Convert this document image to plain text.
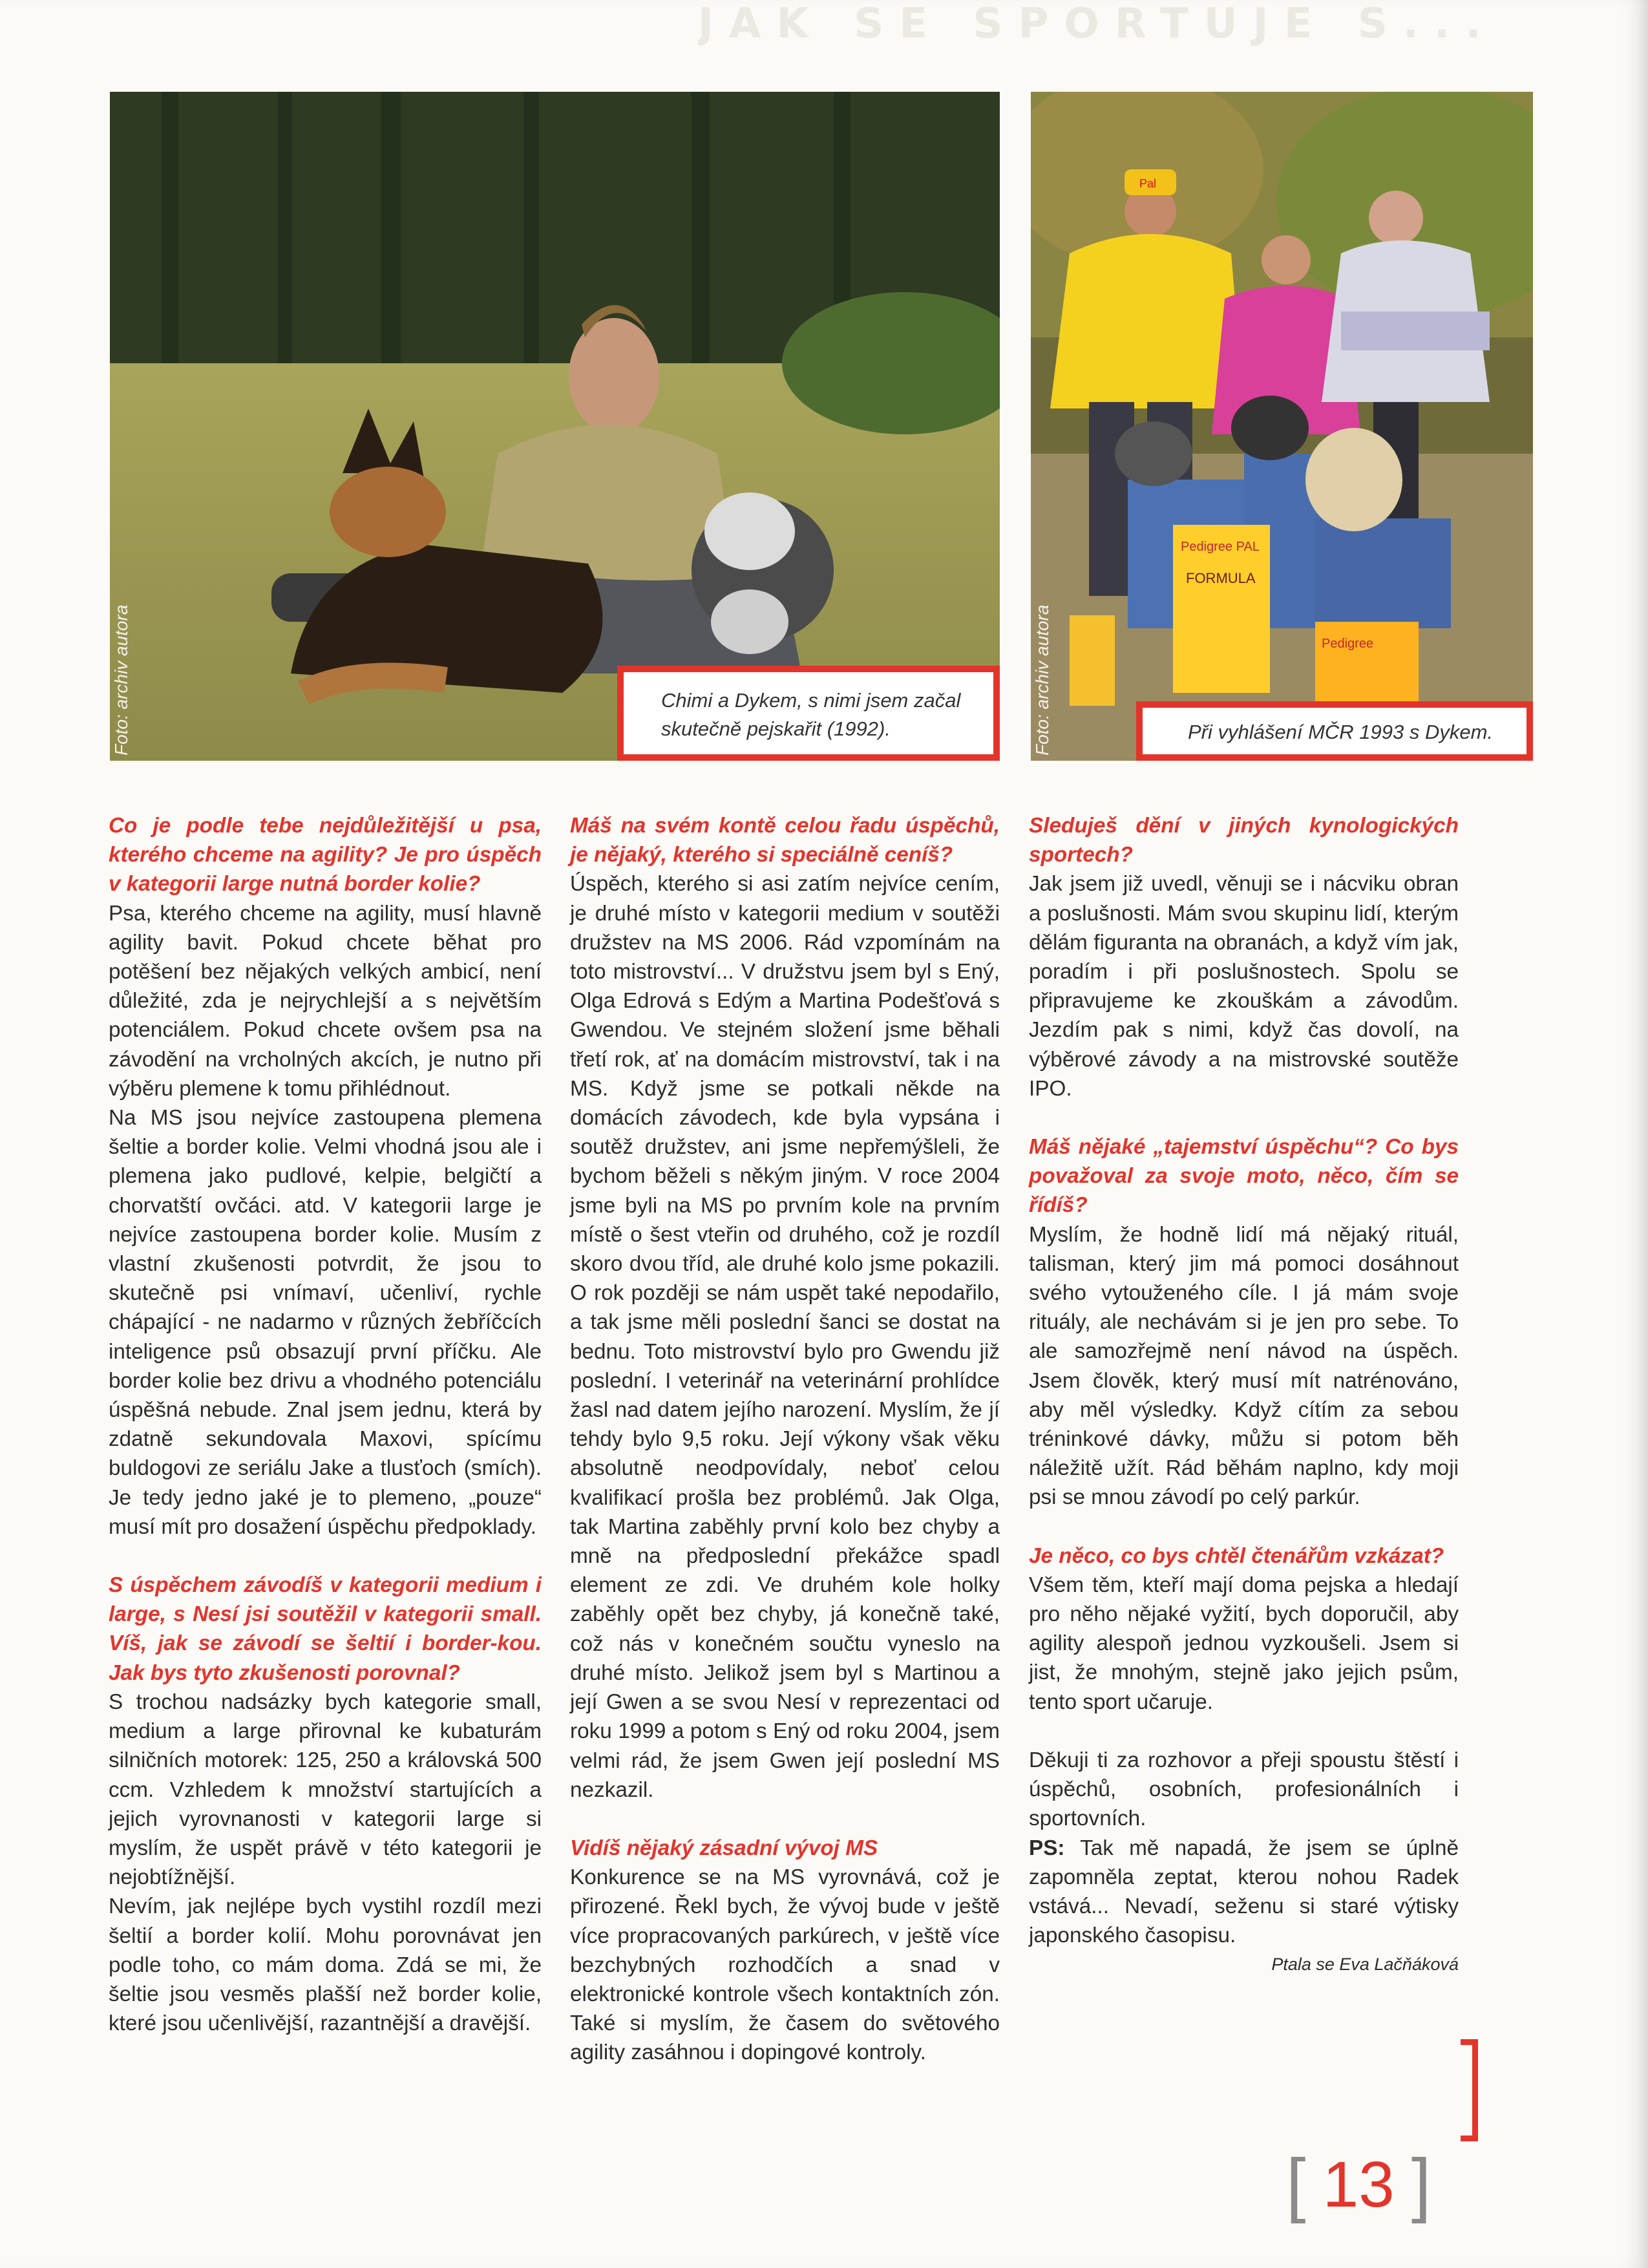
JAK SE SPORTUJE S...
Foto: archiv autora	Chimi a Dykem, s nimi jsem začal skutečně pejskařit (1992).
Pal
Pedigree PAL
FORMULA
Pedigree
Foto: archiv autora	Při vyhlášení MČR 1993 s Dykem.

Co je podle tebe nejdůležitější u psa, kterého chceme na agility? Je pro úspěch v kategorii large nutná border kolie?

Psa, kterého chceme na agility, musí hlavně agility bavit. Pokud chcete běhat pro potěšení bez nějakých velkých ambicí, není důležité, zda je nejrychlejší a s největším potenciálem. Pokud chcete ovšem psa na závodění na vrcholných akcích, je nutno při výběru plemene k tomu přihlédnout.

Na MS jsou nejvíce zastoupena plemena šeltie a border kolie. Velmi vhodná jsou ale i plemena jako pudlové, kelpie, belgičtí a chorvatští ovčáci. atd. V kategorii large je nejvíce zastoupena border kolie. Musím z vlastní zkušenosti potvrdit, že jsou to skutečně psi vnímaví, učenliví, rychle chápající - ne nadarmo v různých žebříčcích inteligence psů obsazují první příčku. Ale border kolie bez drivu a vhodného potenciálu úspěšná nebude. Znal jsem jednu, která by zdatně sekundovala Maxovi, spícímu buldogovi ze seriálu Jake a tlusťoch (smích). Je tedy jedno jaké je to plemeno, „pouze“ musí mít pro dosažení úspěchu předpoklady.

S úspěchem závodíš v kategorii medium i large, s Nesí jsi soutěžil v kategorii small. Víš, jak se závodí se šeltií i border-kou. Jak bys tyto zkušenosti porovnal?

S trochou nadsázky bych kategorie small, medium a large přirovnal ke kubaturám silničních motorek: 125, 250 a královská 500 ccm. Vzhledem k množství startujících a jejich vyrovnanosti v kategorii large si myslím, že uspět právě v této kategorii je nejobtížnější.

Nevím, jak nejlépe bych vystihl rozdíl mezi šeltií a border kolií. Mohu porovnávat jen podle toho, co mám doma. Zdá se mi, že šeltie jsou vesměs plašší než border kolie, které jsou učenlivější, razantnější a dravější.

Máš na svém kontě celou řadu úspěchů, je nějaký, kterého si speciálně ceníš?

Úspěch, kterého si asi zatím nejvíce cením, je druhé místo v kategorii medium v soutěži družstev na MS 2006. Rád vzpomínám na toto mistrovství... V družstvu jsem byl s Ený, Olga Edrová s Edým a Martina Podešťová s Gwendou. Ve stejném složení jsme běhali třetí rok, ať na domácím mistrovství, tak i na MS. Když jsme se potkali někde na domácích závodech, kde byla vypsána i soutěž družstev, ani jsme nepřemýšleli, že bychom běželi s někým jiným. V roce 2004 jsme byli na MS po prvním kole na prvním místě o šest vteřin od druhého, což je rozdíl skoro dvou tříd, ale druhé kolo jsme pokazili. O rok později se nám uspět také nepodařilo, a tak jsme měli poslední šanci se dostat na bednu. Toto mistrovství bylo pro Gwendu již poslední. I veterinář na veterinární prohlídce žasl nad datem jejího narození. Myslím, že jí tehdy bylo 9,5 roku. Její výkony však věku absolutně neodpovídaly, neboť celou kvalifikací prošla bez problémů. Jak Olga, tak Martina zaběhly první kolo bez chyby a mně na předposlední překážce spadl element ze zdi. Ve druhém kole holky zaběhly opět bez chyby, já konečně také, což nás v konečném součtu vyneslo na druhé místo. Jelikož jsem byl s Martinou a její Gwen a se svou Nesí v reprezentaci od roku 1999 a potom s Ený od roku 2004, jsem velmi rád, že jsem Gwen její poslední MS nezkazil.

Vidíš nějaký zásadní vývoj MS

Konkurence se na MS vyrovnává, což je přirozené. Řekl bych, že vývoj bude v ještě více propracovaných parkúrech, v ještě více bezchybných rozhodčích a snad v elektronické kontrole všech kontaktních zón. Také si myslím, že časem do světového agility zasáhnou i dopingové kontroly.

Sleduješ dění v jiných kynologických sportech?

Jak jsem již uvedl, věnuji se i nácviku obran a poslušnosti. Mám svou skupinu lidí, kterým dělám figuranta na obranách, a když vím jak, poradím i při poslušnostech. Spolu se připravujeme ke zkouškám a závodům. Jezdím pak s nimi, když čas dovolí, na výběrové závody a na mistrovské soutěže IPO.

Máš nějaké „tajemství úspěchu“? Co bys považoval za svoje moto, něco, čím se řídíš?

Myslím, že hodně lidí má nějaký rituál, talisman, který jim má pomoci dosáhnout svého vytouženého cíle. I já mám svoje rituály, ale nechávám si je jen pro sebe. To ale samozřejmě není návod na úspěch. Jsem člověk, který musí mít natrénováno, aby měl výsledky. Když cítím za sebou tréninkové dávky, můžu si potom běh náležitě užít. Rád běhám naplno, kdy moji psi se mnou závodí po celý parkúr.

Je něco, co bys chtěl čtenářům vzkázat?

Všem těm, kteří mají doma pejska a hledají pro něho nějaké vyžití, bych doporučil, aby agility alespoň jednou vyzkoušeli. Jsem si jist, že mnohým, stejně jako jejich psům, tento sport učaruje.

Děkuji ti za rozhovor a přeji spoustu štěstí i úspěchů, osobních, profesionálních i sportovních.

PS: Tak mě napadá, že jsem se úplně zapomněla zeptat, kterou nohou Radek vstává... Nevadí, seženu si staré výtisky japonského časopisu.

Ptala se Eva Lačňáková

[ 13 ]
